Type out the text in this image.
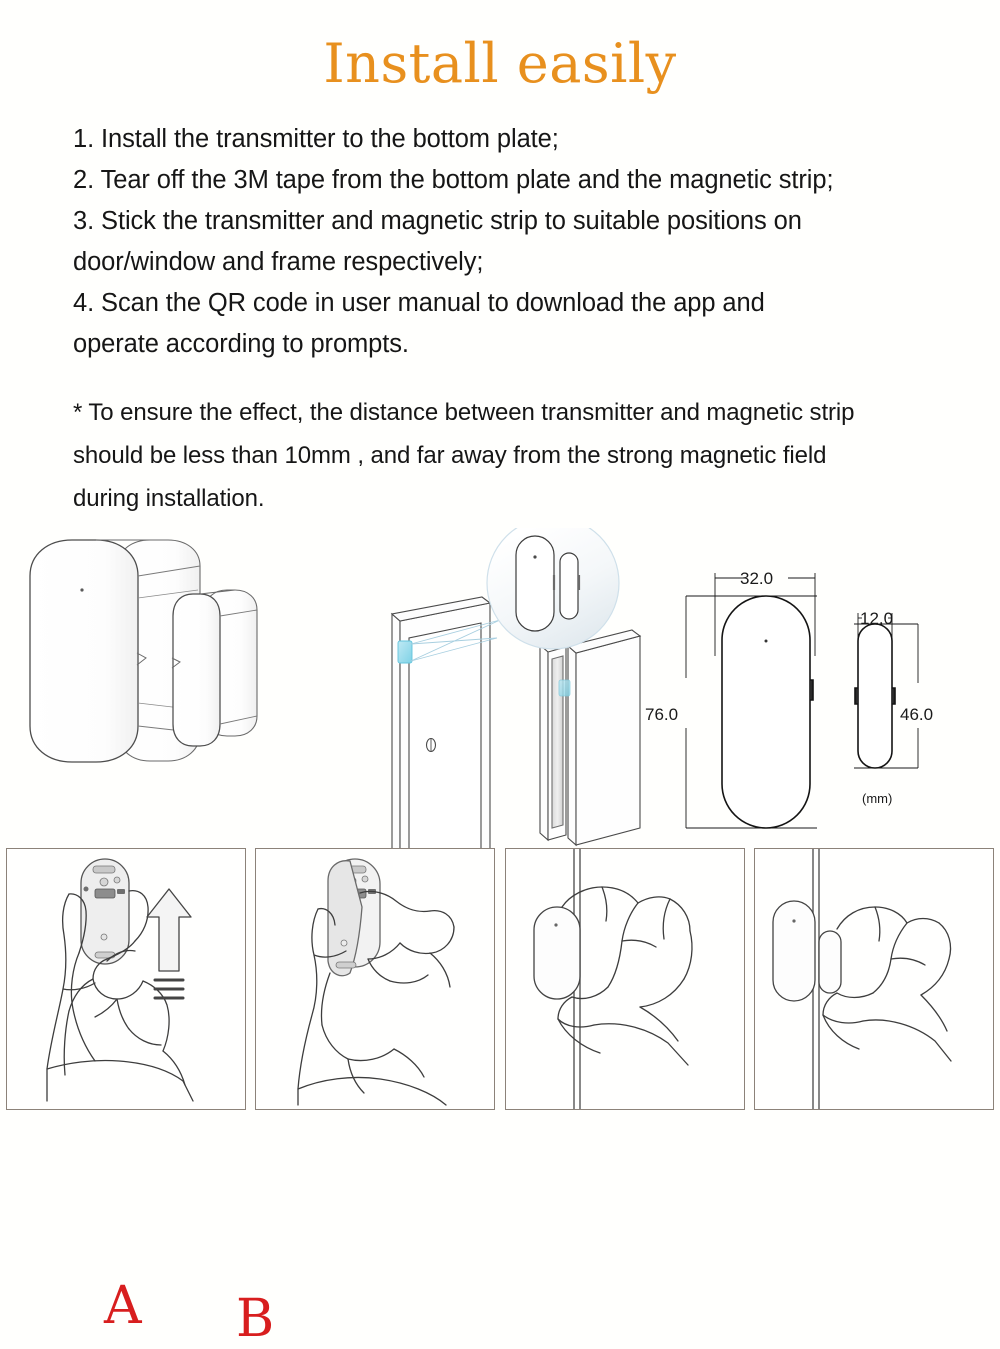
Install easily
1. Install the transmitter to the bottom plate;
2. Tear off the 3M tape from the bottom plate and the magnetic strip;
3. Stick the transmitter and magnetic strip to suitable positions on
door/window and frame respectively;
4. Scan the QR code in user manual to download the app and
operate according to prompts.
* To ensure the effect, the distance between transmitter and magnetic strip
should be less than 10mm , and far away from the strong magnetic field
during installation.
32.0
76.0
12.0
46.0
(mm)
A B
